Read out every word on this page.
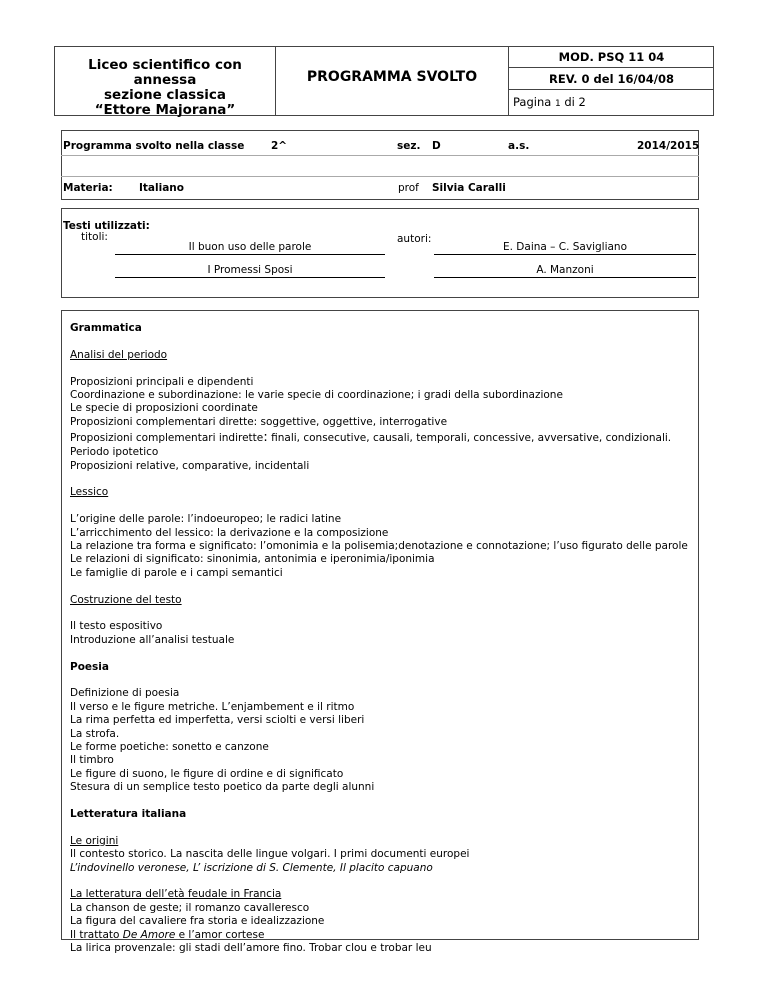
Liceo scientifico con annessa
sezione classica
“Ettore Majorana”
PROGRAMMA SVOLTO
MOD. PSQ 11 04
REV. 0 del 16/04/08
Pagina 1 di 2
Programma svolto nella classe	2^	sez. D	a.s.	2014/2015
Materia:	Italiano	prof Silvia Caralli
Testi utilizzati:
titoli:	autori:
Il buon uso delle parole	E. Daina – C. Savigliano
I Promessi Sposi	A. Manzoni

Grammatica

Analisi del periodo

Proposizioni principali e dipendenti

Coordinazione e subordinazione: le varie specie di coordinazione; i gradi della subordinazione

Le specie di proposizioni coordinate

Proposizioni complementari dirette: soggettive, oggettive, interrogative

Proposizioni complementari indirette: finali, consecutive, causali, temporali, concessive, avversative, condizionali.

Periodo ipotetico

Proposizioni relative, comparative, incidentali

Lessico

L’origine delle parole: l’indoeuropeo; le radici latine

L’arricchimento del lessico: la derivazione e la composizione

La relazione tra forma e significato: l’omonimia e la polisemia;denotazione e connotazione; l’uso figurato delle parole

Le relazioni di significato: sinonimia, antonimia e iperonimia/iponimia

Le famiglie di parole e i campi semantici

Costruzione del testo

Il testo espositivo

Introduzione all’analisi testuale

Poesia

Definizione di poesia

Il verso e le figure metriche. L’enjambement e il ritmo

La rima perfetta ed imperfetta, versi sciolti e versi liberi

La strofa.

Le forme poetiche: sonetto e canzone

Il timbro

Le figure di suono, le figure di ordine e di significato

Stesura di un semplice testo poetico da parte degli alunni

Letteratura italiana

Le origini

Il contesto storico. La nascita delle lingue volgari. I primi documenti europei

L’indovinello veronese, L’ iscrizione di S. Clemente, Il placito capuano

La letteratura dell’età feudale in Francia

La chanson de geste; il romanzo cavalleresco

La figura del cavaliere fra storia e idealizzazione

Il trattato De Amore e l’amor cortese

La lirica provenzale: gli stadi dell’amore fino. Trobar clou e trobar leu
